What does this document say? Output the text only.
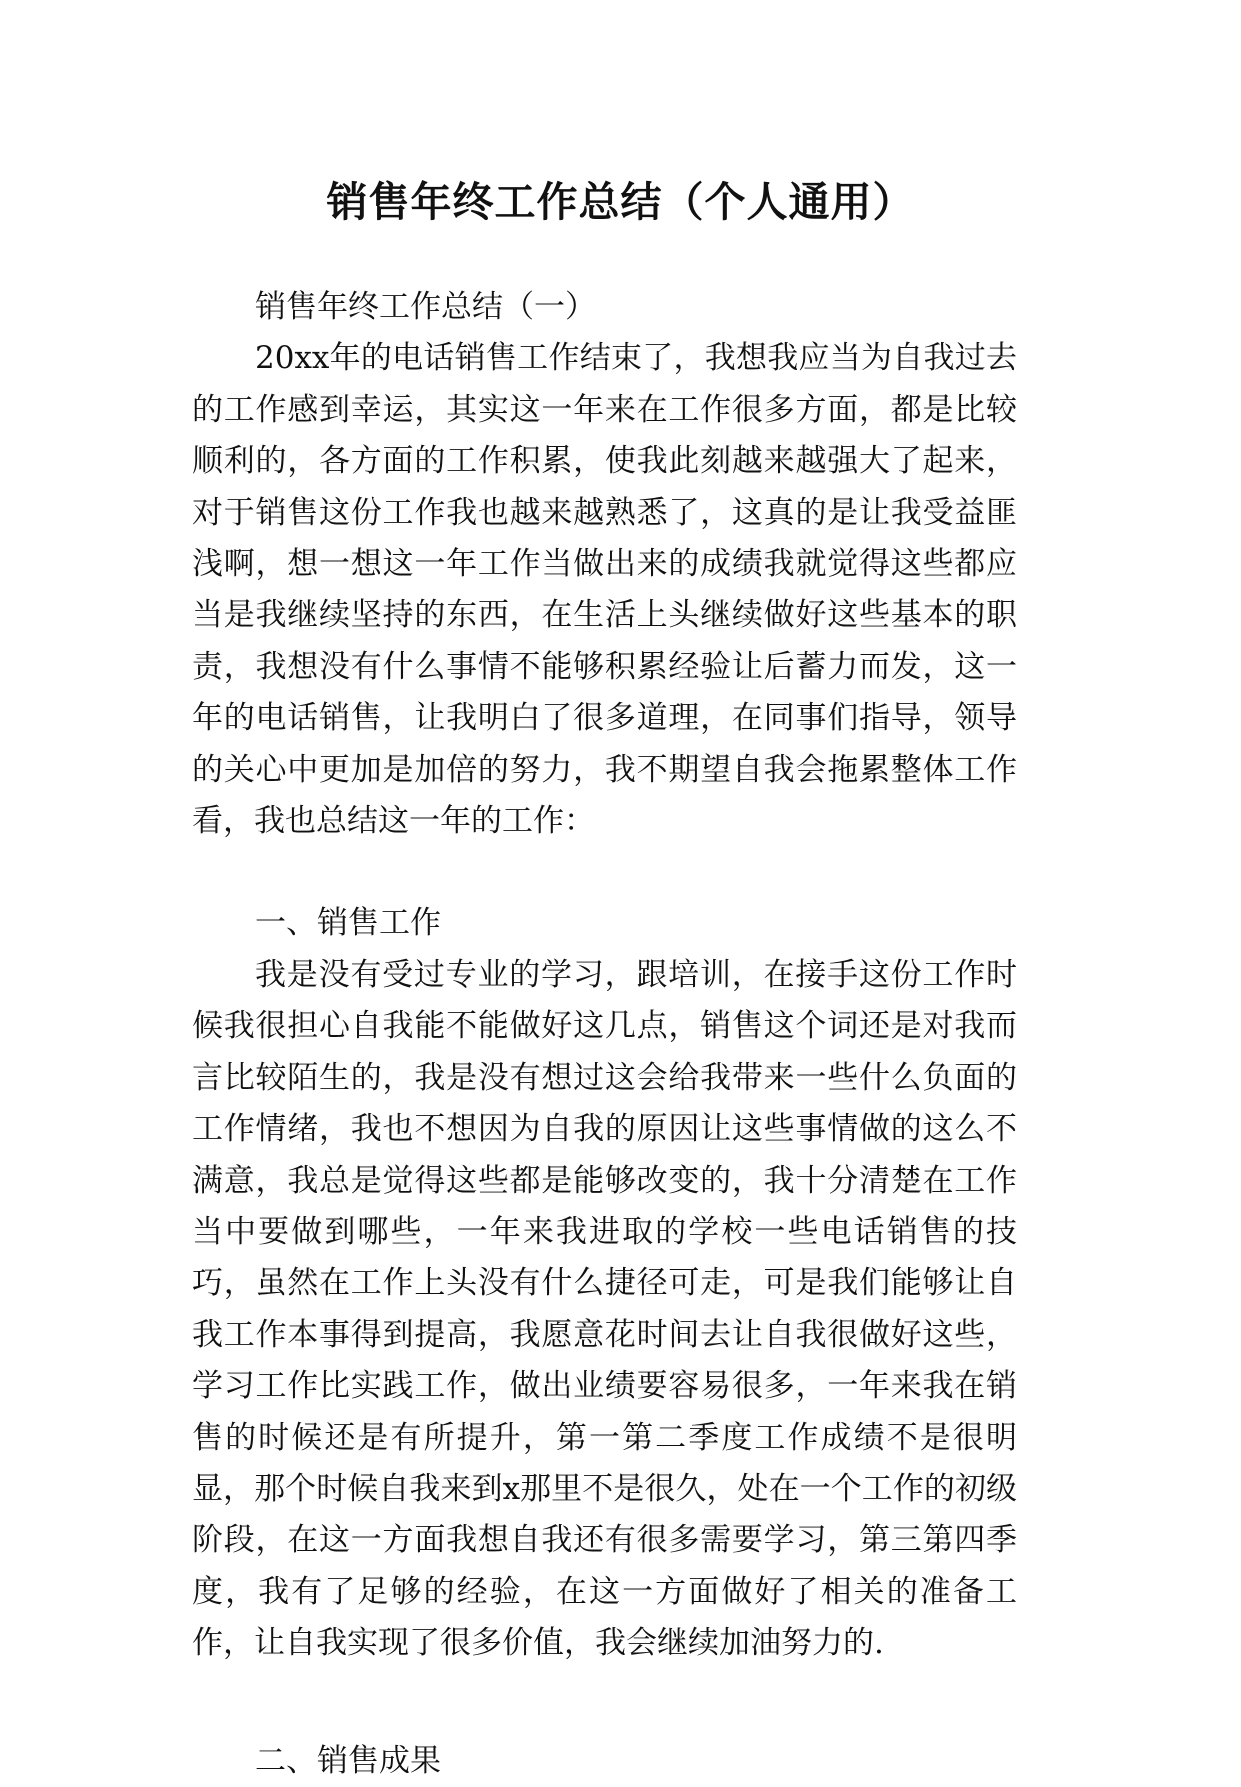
销售年终工作总结（个人通用）

销售年终工作总结（一）

20xx年的电话销售工作结束了，我想我应当为自我过去的工作感到幸运，其实这一年来在工作很多方面，都是比较顺利的，各方面的工作积累，使我此刻越来越强大了起来，对于销售这份工作我也越来越熟悉了，这真的是让我受益匪浅啊，想一想这一年工作当做出来的成绩我就觉得这些都应当是我继续坚持的东西，在生活上头继续做好这些基本的职责，我想没有什么事情不能够积累经验让后蓄力而发，这一年的电话销售，让我明白了很多道理，在同事们指导，领导的关心中更加是加倍的努力，我不期望自我会拖累整体工作看，我也总结这一年的工作：

一、销售工作

我是没有受过专业的学习，跟培训，在接手这份工作时候我很担心自我能不能做好这几点，销售这个词还是对我而言比较陌生的，我是没有想过这会给我带来一些什么负面的工作情绪，我也不想因为自我的原因让这些事情做的这么不满意，我总是觉得这些都是能够改变的，我十分清楚在工作当中要做到哪些，一年来我进取的学校一些电话销售的技巧，虽然在工作上头没有什么捷径可走，可是我们能够让自我工作本事得到提高，我愿意花时间去让自我很做好这些，学习工作比实践工作，做出业绩要容易很多，一年来我在销售的时候还是有所提升，第一第二季度工作成绩不是很明显，那个时候自我来到x那里不是很久，处在一个工作的初级阶段，在这一方面我想自我还有很多需要学习，第三第四季度，我有了足够的经验，在这一方面做好了相关的准备工作，让自我实现了很多价值，我会继续加油努力的.

二、销售成果
